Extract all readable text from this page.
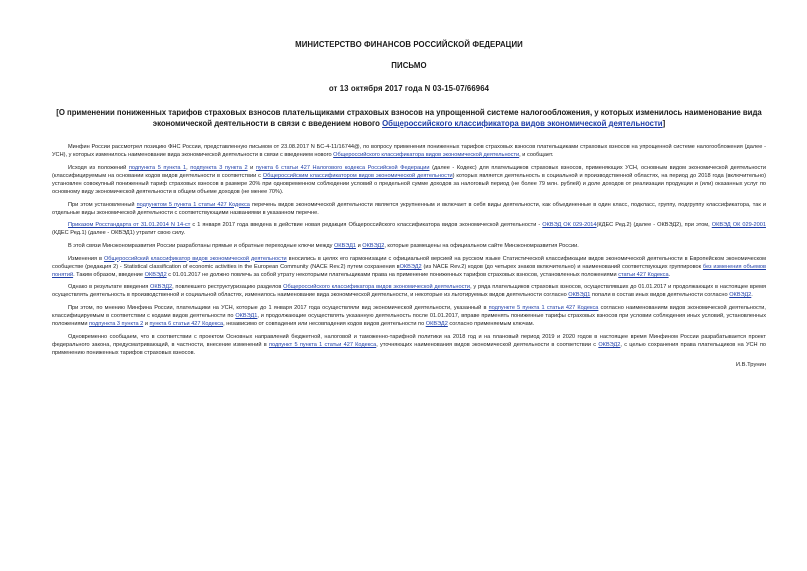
МИНИСТЕРСТВО ФИНАНСОВ РОССИЙСКОЙ ФЕДЕРАЦИИ
ПИСЬМО
от 13 октября 2017 года N 03-15-07/66964
[О применении пониженных тарифов страховых взносов плательщиками страховых взносов на упрощенной системе налогообложения, у которых изменилось наименование вида экономической деятельности в связи с введением нового Общероссийского классификатора видов экономической деятельности]

Минфин России рассмотрел позицию ФНС России, представленную письмом от 23.08.2017 N БС-4-11/16744@, по вопросу применения пониженных тарифов страховых взносов плательщиками страховых взносов на упрощенной системе налогообложения (далее - УСН), у которых изменилось наименование вида экономической деятельности в связи с введением нового Общероссийского классификатора видов экономической деятельности, и сообщает.

Исходя из положений подпункта 5 пункта 1, подпункта 3 пункта 2 и пункта 6 статьи 427 Налогового кодекса Российской Федерации (далее - Кодекс) для плательщиков страховых взносов, применяющих УСН, основным видом экономической деятельности (классифицируемым на основании кодов видов деятельности в соответствии с Общероссийским классификатором видов экономической деятельности) которых является деятельность в социальной и производственной областях, на период до 2018 года (включительно) установлен совокупный пониженный тариф страховых взносов в размере 20% при одновременном соблюдении условий о предельной сумме доходов за налоговый период (не более 79 млн. рублей) и доле доходов от реализации продукции и (или) оказанных услуг по основному виду экономической деятельности в общем объеме доходов (не менее 70%).

При этом установленный подпунктом 5 пункта 1 статьи 427 Кодекса перечень видов экономической деятельности является укрупненным и включает в себя виды деятельности, как объединенные в один класс, подкласс, группу, подгруппу классификатора, так и отдельные виды экономической деятельности с соответствующими названиями в указанном перечне.

Приказом Росстандарта от 31.01.2014 N 14-ст с 1 января 2017 года введена в действие новая редакция Общероссийского классификатора видов экономической деятельности - ОКВЭД ОК 029-2014(КДЕС Ред.2) (далее - ОКВЭД2), при этом, ОКВЭД ОК 029-2001 (КДЕС Ред.1) (далее - ОКВЭД1) утратит свою силу.

В этой связи Минэкономразвития России разработаны прямые и обратные переходные ключи между ОКВЭД1 и ОКВЭД2, которые размещены на официальном сайте Минэкономразвития России.

Изменения в Общероссийский классификатор видов экономической деятельности вносились в целях его гармонизации с официальной версией на русском языке Статистической классификации видов экономической деятельности в Европейском экономическом сообществе (редакция 2) - Statistical classification of economic activities in the European Community (NACE Rev.2) путем сохранения вОКВЭД2 (из NACE Rev.2) кодов (до четырех знаков включительно) и наименований соответствующих группировок без изменения объемов понятий. Таким образом, введение ОКВЭД2 с 01.01.2017 не должно повлечь за собой утрату некоторыми плательщиками права на применение пониженных тарифов страховых взносов, установленных положениями статьи 427 Кодекса.

Однако в результате введения ОКВЭД2, повлекшего реструктуризацию разделов Общероссийского классификатора видов экономической деятельности, у ряда плательщиков страховых взносов, осуществлявших до 01.01.2017 и продолжающих в настоящее время осуществлять деятельность в производственной и социальной областях, изменилось наименование вида экономической деятельности, и некоторые из льготируемых видов деятельности согласно ОКВЭД1 попали в состав иных видов деятельности согласно ОКВЭД2.

При этом, по мнению Минфина России, плательщики на УСН, которые до 1 января 2017 года осуществляли вид экономической деятельности, указанный в подпункте 5 пункта 1 статьи 427 Кодекса согласно наименованиям видов экономической деятельности, классифицируемым в соответствии с кодами видов деятельности по ОКВЭД1, и продолжающие осуществлять указанную деятельность после 01.01.2017, вправе применять пониженные тарифы страховых взносов при условии соблюдения иных условий, установленных положениями подпункта 3 пункта 2 и пункта 6 статьи 427 Кодекса, независимо от совпадения или несовпадения кодов видов деятельности по ОКВЭД2 согласно применяемым ключам.

Одновременно сообщаем, что в соответствии с проектом Основных направлений бюджетной, налоговой и таможенно-тарифной политики на 2018 год и на плановый период 2019 и 2020 годов в настоящее время Минфином России разрабатывается проект федерального закона, предусматривающий, в частности, внесение изменений в подпункт 5 пункта 1 статьи 427 Кодекса, уточняющих наименования видов экономической деятельности в соответствии с ОКВЭД2, с целью сохранения права плательщиков на УСН по применению пониженных тарифов страховых взносов.

И.В.Трунин
